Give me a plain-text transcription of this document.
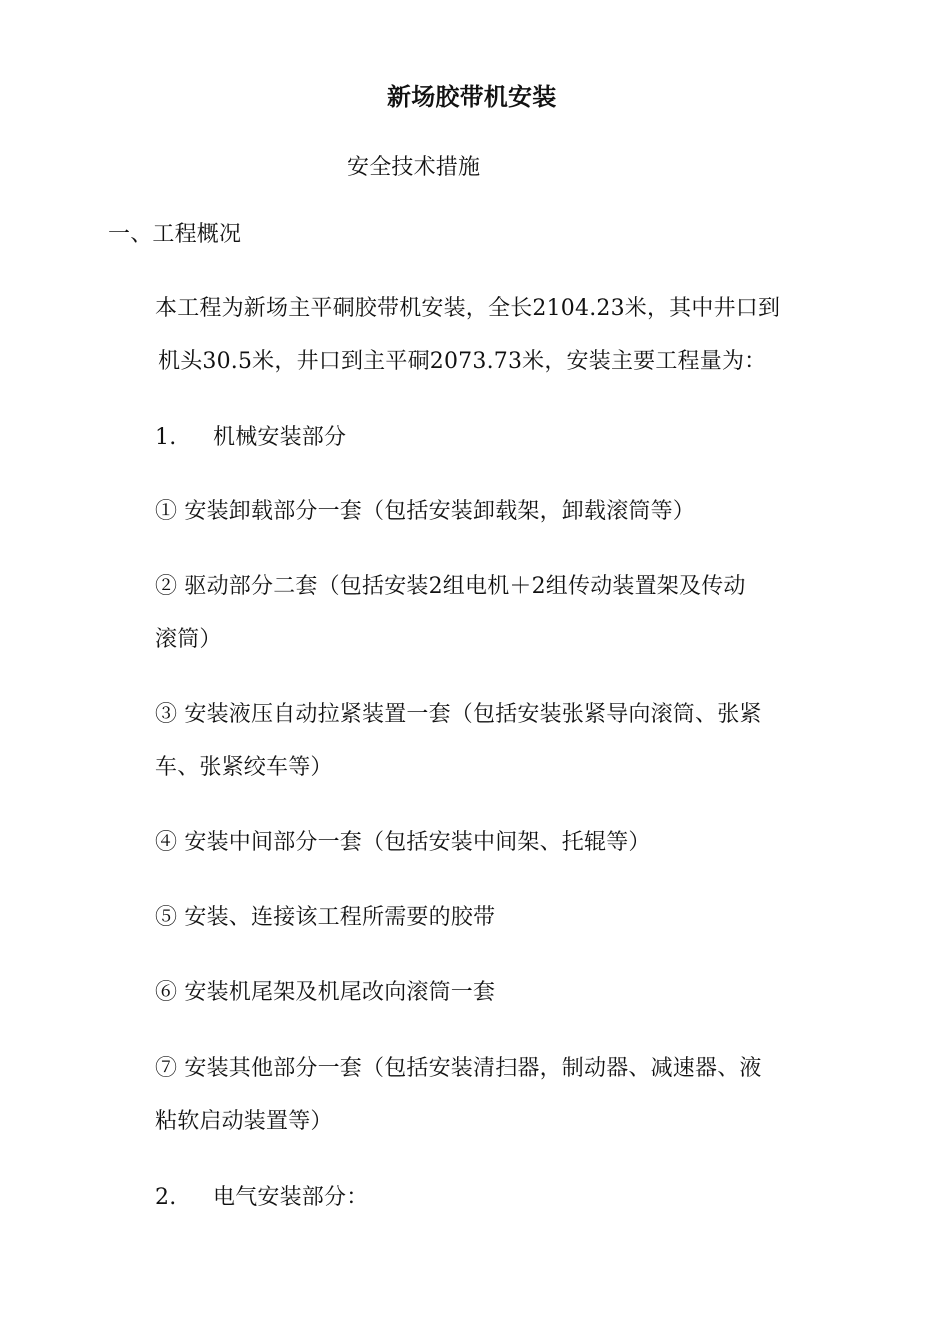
新场胶带机安装
安全技术措施
一、工程概况
本工程为新场主平硐胶带机安装，全长2104.23米，其中井口到
机头30.5米，井口到主平硐2073.73米，安装主要工程量为：
1. 机械安装部分
① 安装卸载部分一套（包括安装卸载架，卸载滚筒等）
② 驱动部分二套（包括安装2组电机＋2组传动装置架及传动
滚筒）
③ 安装液压自动拉紧装置一套（包括安装张紧导向滚筒、张紧
车、张紧绞车等）
④ 安装中间部分一套（包括安装中间架、托辊等）
⑤ 安装、连接该工程所需要的胶带
⑥ 安装机尾架及机尾改向滚筒一套
⑦ 安装其他部分一套（包括安装清扫器，制动器、减速器、液
粘软启动装置等）
2. 电气安装部分：
